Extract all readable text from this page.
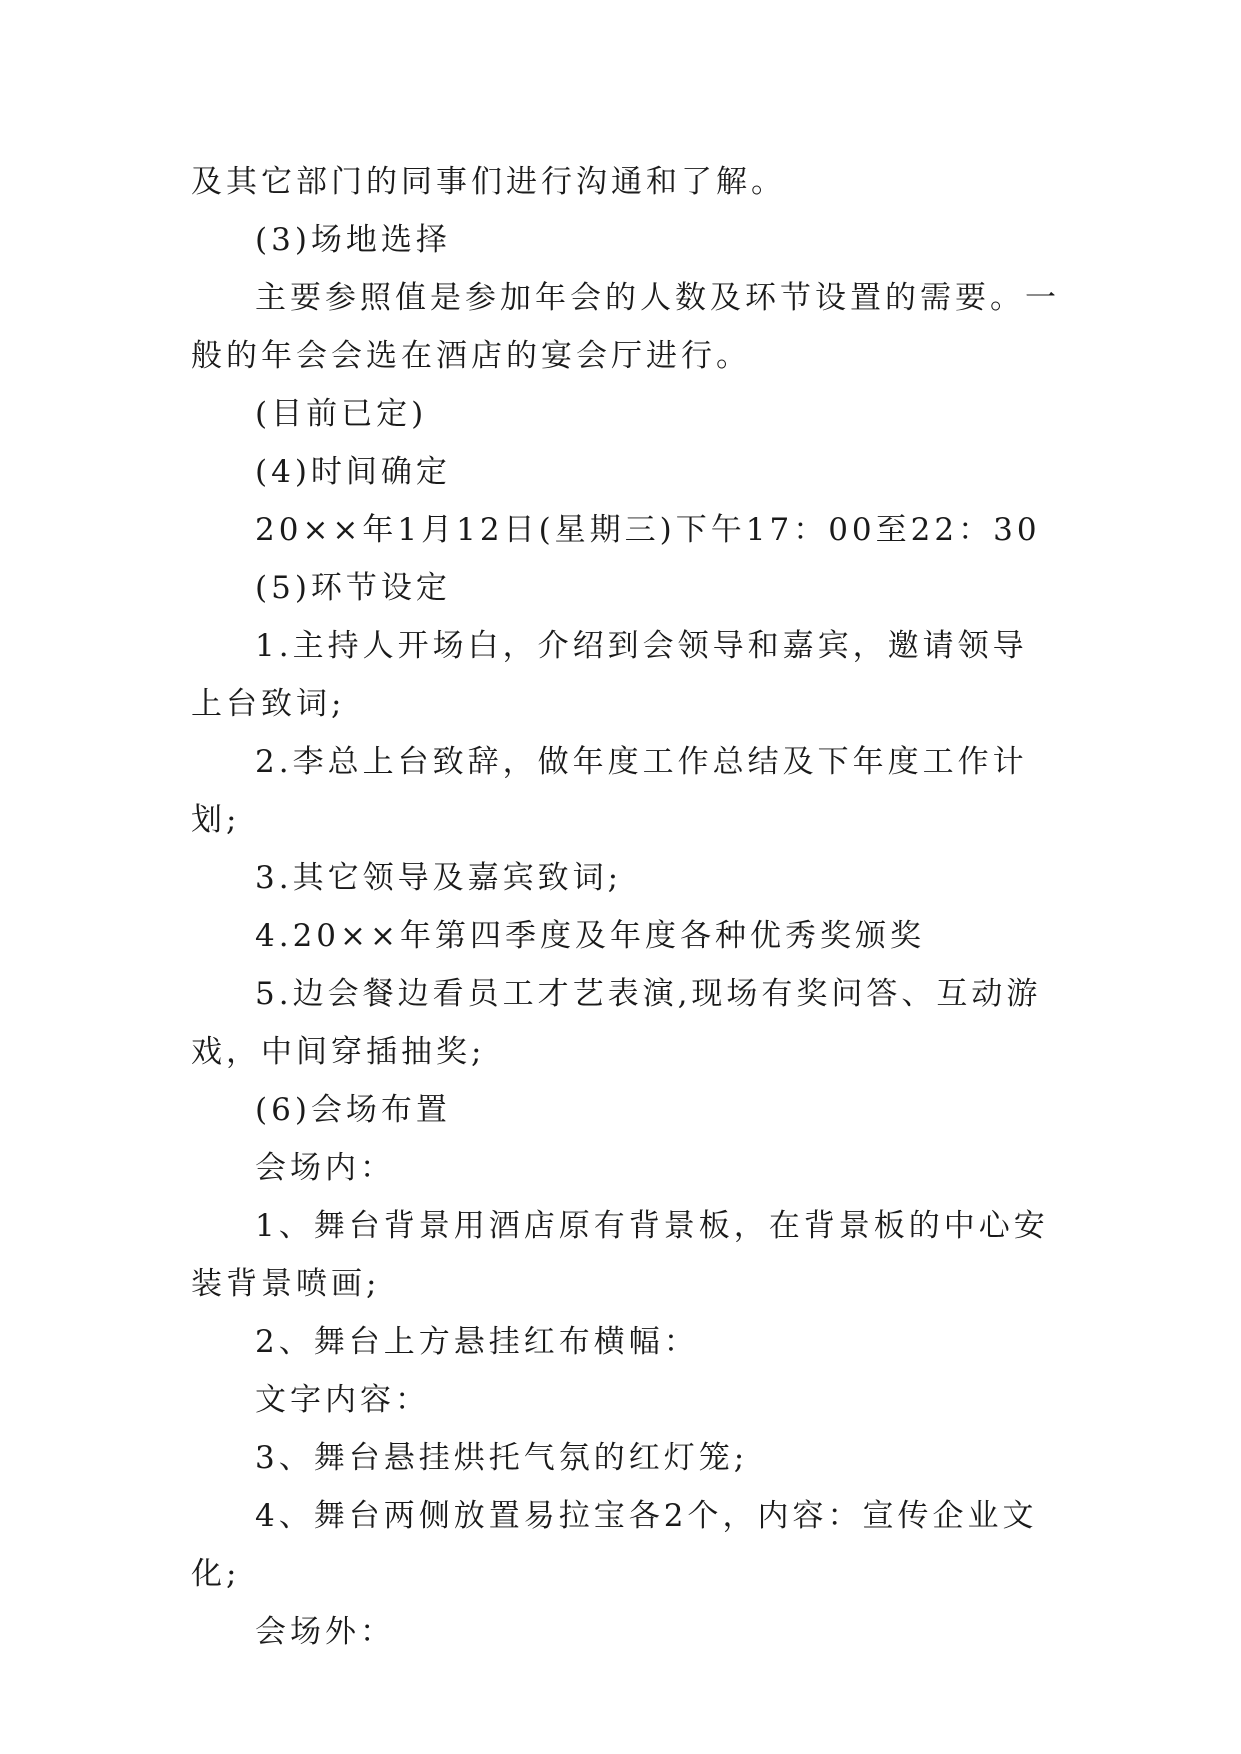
及其它部门的同事们进行沟通和了解。

(3)场地选择

主要参照值是参加年会的人数及环节设置的需要。一般的年会会选在酒店的宴会厅进行。

(目前已定)

(4)时间确定

20××年1月12日(星期三)下午17：00至22：30

(5)环节设定

1.主持人开场白，介绍到会领导和嘉宾，邀请领导上台致词;

2.李总上台致辞，做年度工作总结及下年度工作计划;

3.其它领导及嘉宾致词;

4.20××年第四季度及年度各种优秀奖颁奖

5.边会餐边看员工才艺表演,现场有奖问答、互动游戏，中间穿插抽奖;

(6)会场布置

会场内：

1、舞台背景用酒店原有背景板，在背景板的中心安装背景喷画;

2、舞台上方悬挂红布横幅：

文字内容：

3、舞台悬挂烘托气氛的红灯笼;

4、舞台两侧放置易拉宝各2个，内容：宣传企业文化;

会场外：
